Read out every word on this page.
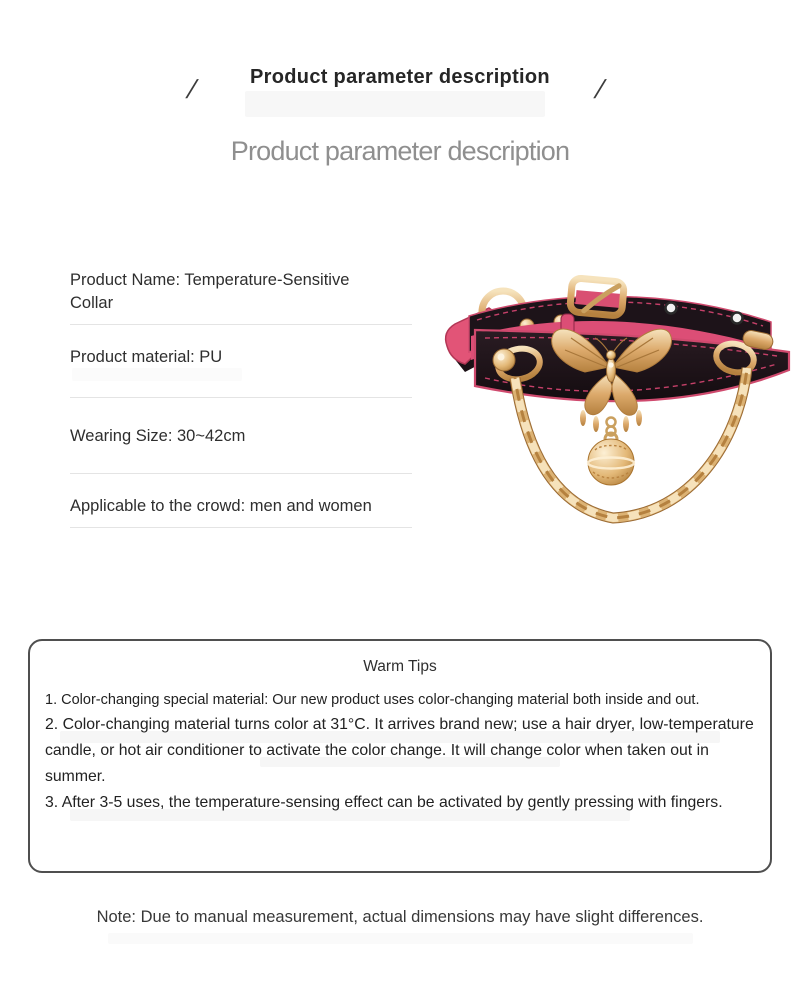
/	Product parameter description	/
Product parameter description

Product Name: Temperature-Sensitive Collar

Product material: PU

Wearing Size: 30~42cm

Applicable to the crowd: men and women

Warm Tips

1. Color-changing special material: Our new product uses color-changing material both inside and out.

2. Color-changing material turns color at 31°C. It arrives brand new; use a hair dryer, low-temperature candle, or hot air conditioner to activate the color change. It will change color when taken out in summer.

3. After 3-5 uses, the temperature-sensing effect can be activated by gently pressing with fingers.

Note: Due to manual measurement, actual dimensions may have slight differences.
